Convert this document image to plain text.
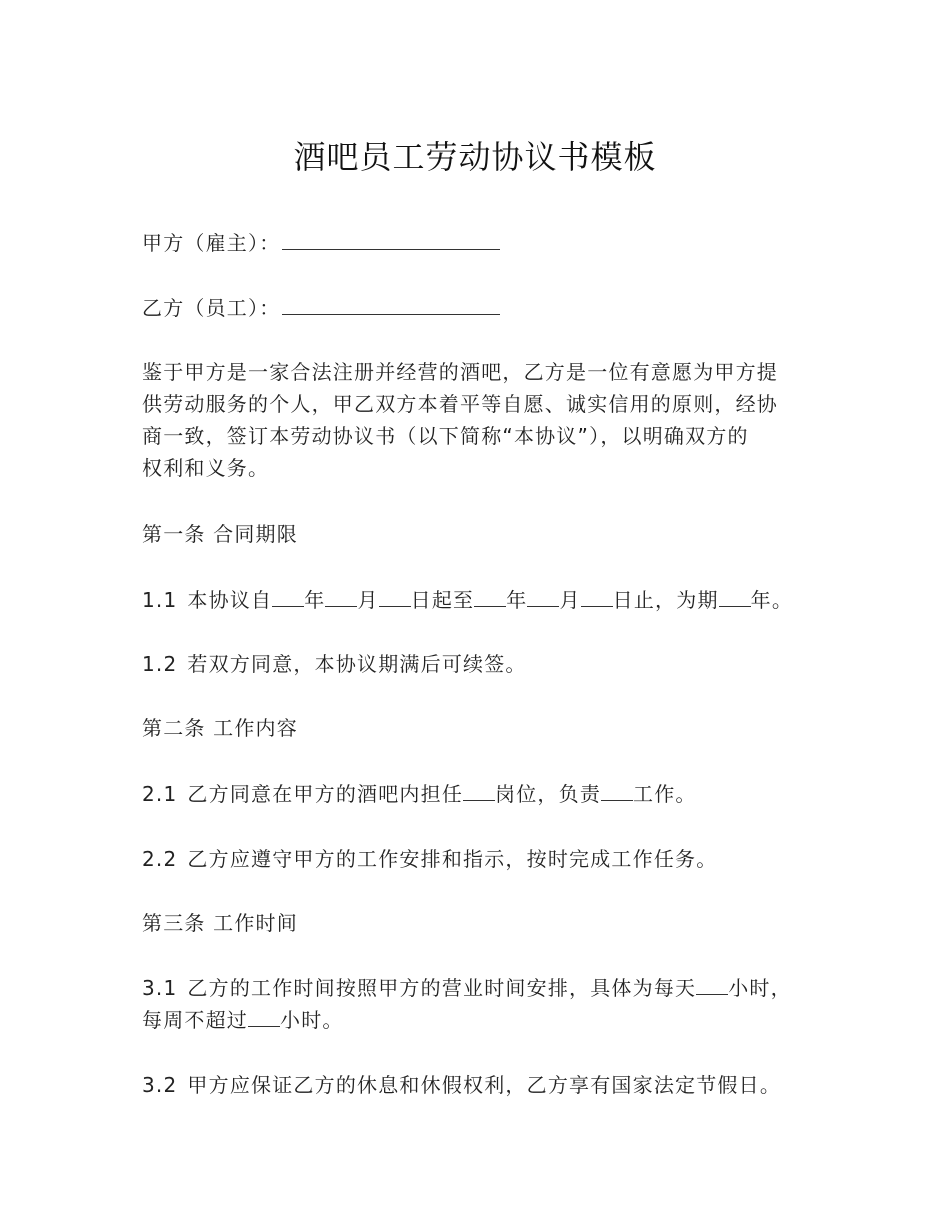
酒吧员工劳动协议书模板
甲方（雇主）：
乙方（员工）：
鉴于甲方是一家合法注册并经营的酒吧，乙方是一位有意愿为甲方提
供劳动服务的个人，甲乙双方本着平等自愿、诚实信用的原则，经协
商一致，签订本劳动协议书（以下简称“本协议”），以明确双方的
权利和义务。
第一条 合同期限
1.1 本协议自 年 月 日起至 年 月 日止，为期 年。
1.2 若双方同意，本协议期满后可续签。
第二条 工作内容
2.1 乙方同意在甲方的酒吧内担任 岗位，负责 工作。
2.2 乙方应遵守甲方的工作安排和指示，按时完成工作任务。
第三条 工作时间
3.1 乙方的工作时间按照甲方的营业时间安排，具体为每天 小时，
每周不超过 小时。
3.2 甲方应保证乙方的休息和休假权利，乙方享有国家法定节假日。
